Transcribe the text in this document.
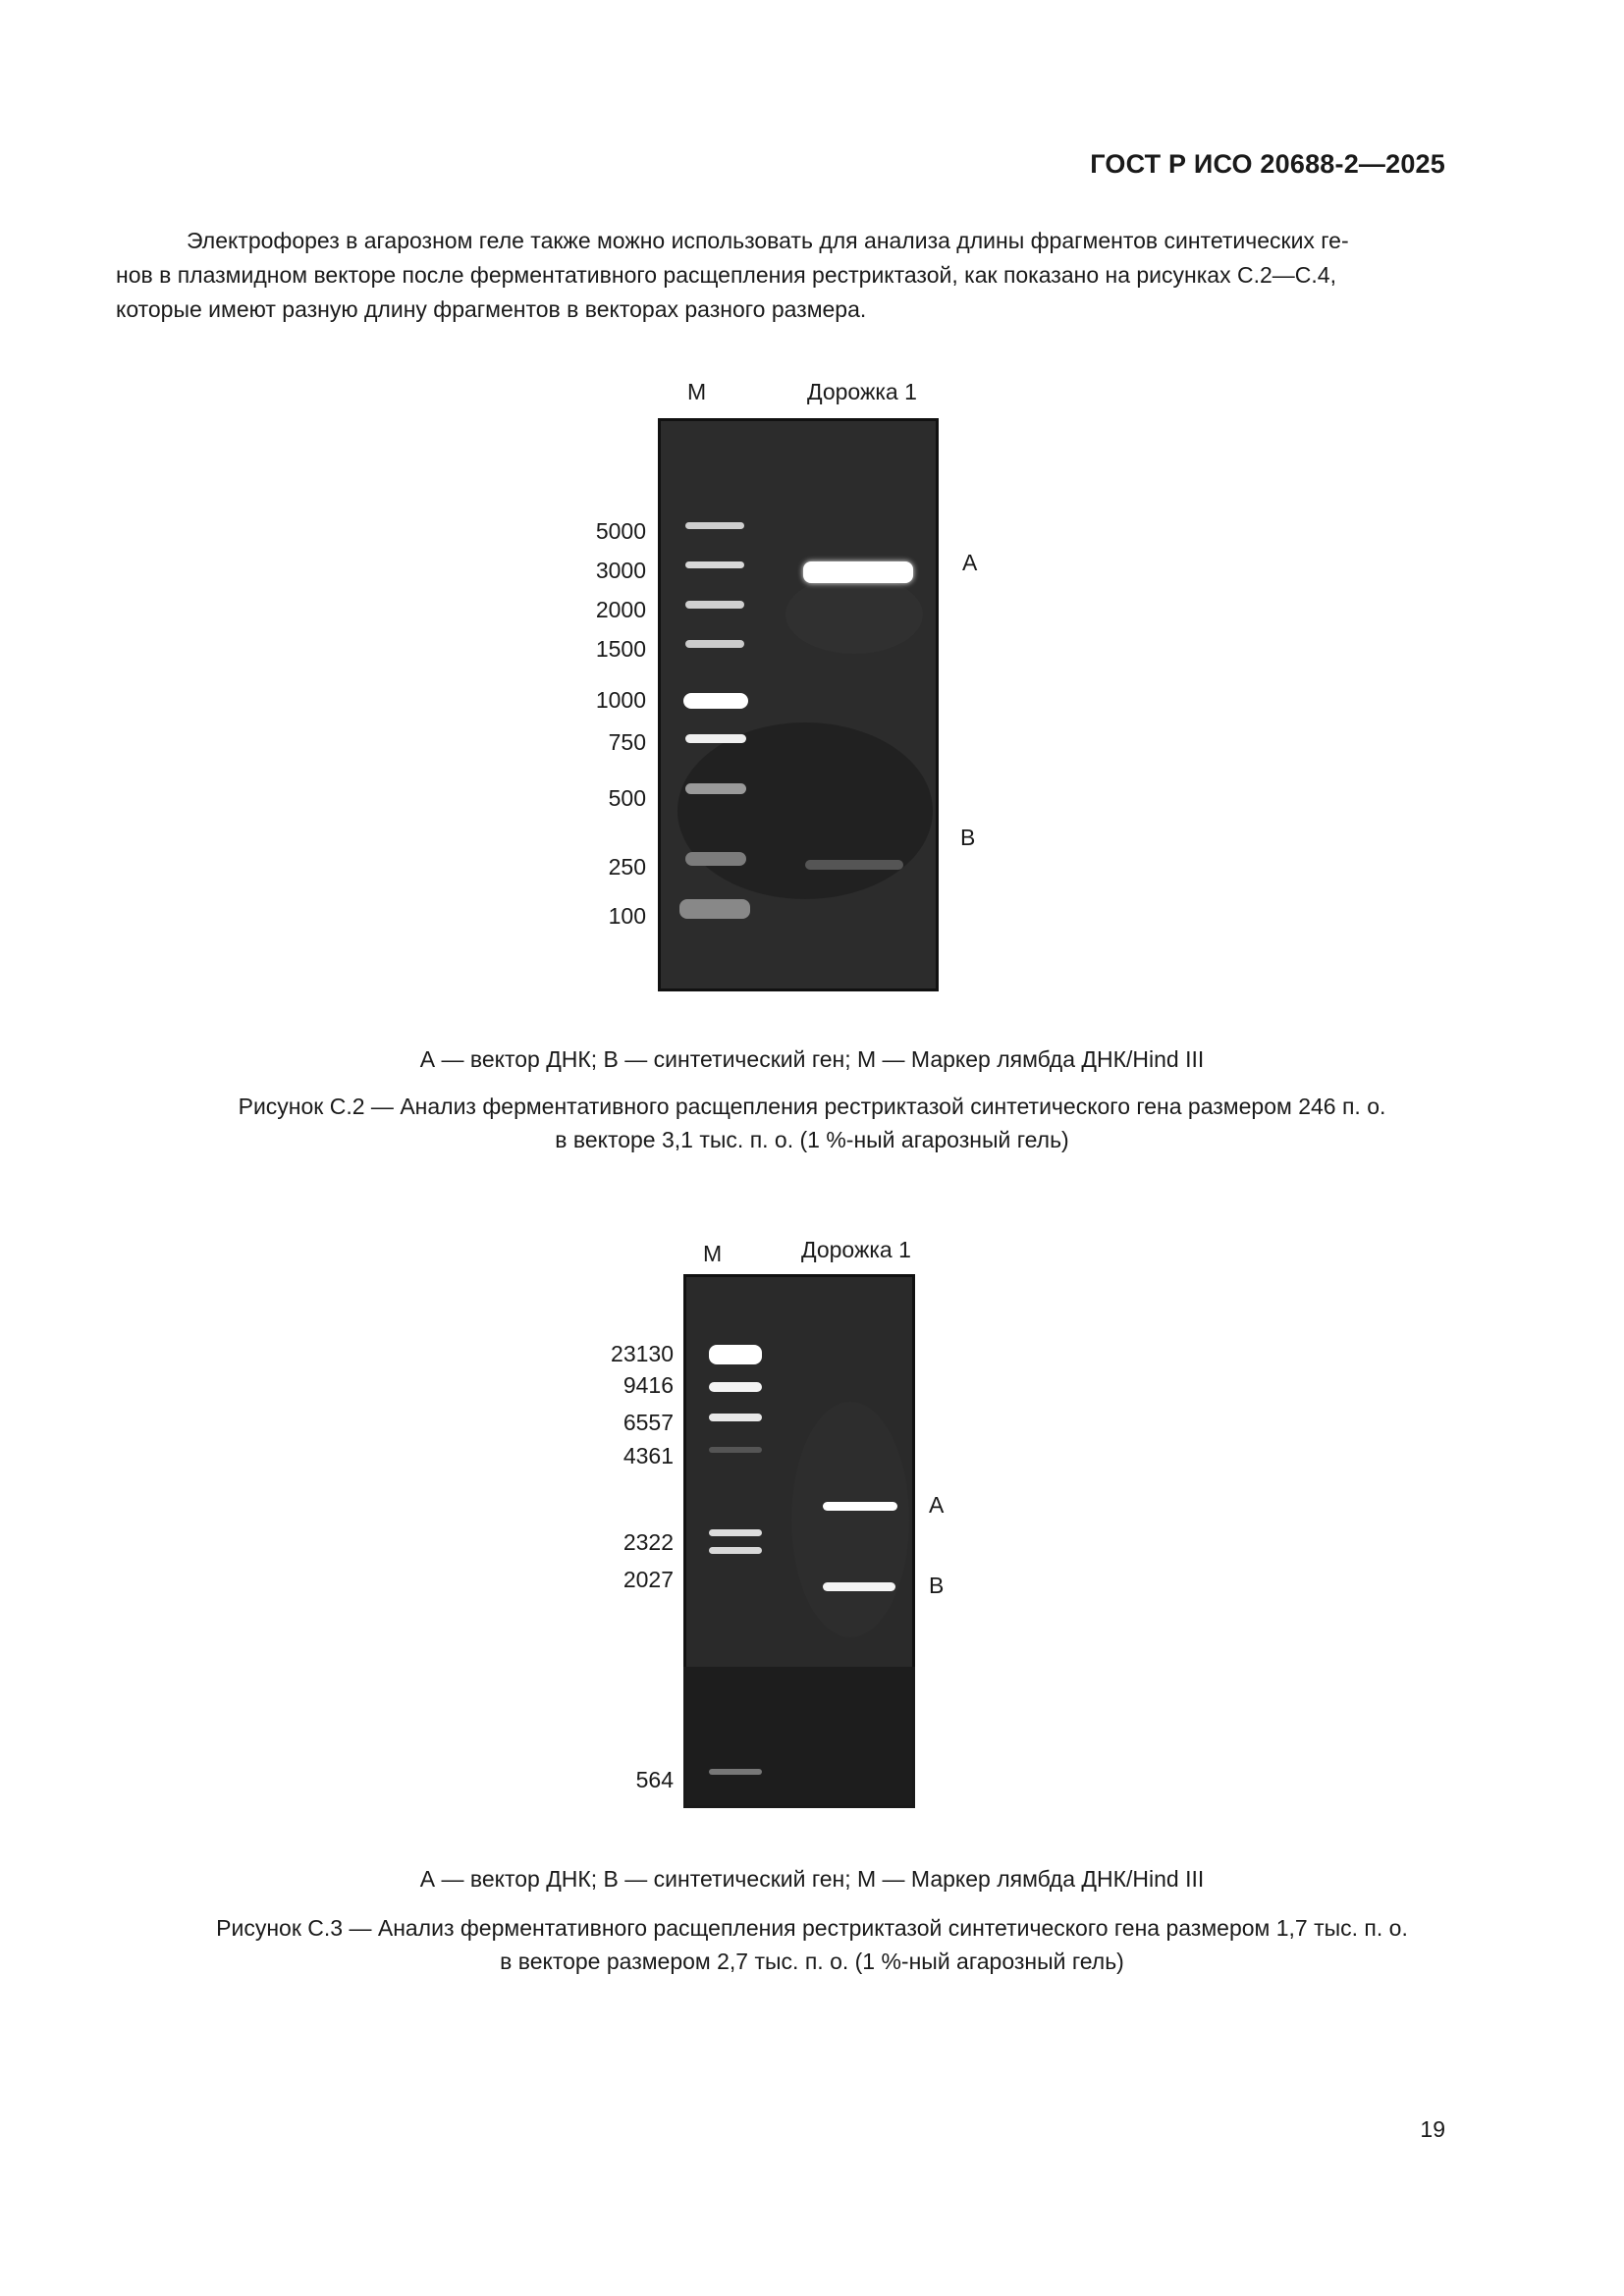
ГОСТ Р ИСО 20688-2—2025

Электрофорез в агарозном геле также можно использовать для анализа длины фрагментов синтетических ге-
нов в плазмидном векторе после ферментативного расщепления рестриктазой, как показано на рисунках С.2—С.4,
которые имеют разную длину фрагментов в векторах разного размера.

M	Дорожка 1
5000
3000
2000
1500
1000
750
500
250
100
A
B
А — вектор ДНК; В — синтетический ген; М — Маркер лямбда ДНК/Hind III
Рисунок С.2 — Анализ ферментативного расщепления рестриктазой синтетического гена размером 246 п. о.
в векторе 3,1 тыс. п. о. (1 %-ный агарозный гель)
M	Дорожка 1
23130
9416
6557
4361
2322
2027
564
A
B
А — вектор ДНК; В — синтетический ген; М — Маркер лямбда ДНК/Hind III
Рисунок С.3 — Анализ ферментативного расщепления рестриктазой синтетического гена размером 1,7 тыс. п. о.
в векторе размером 2,7 тыс. п. о. (1 %-ный агарозный гель)
19
